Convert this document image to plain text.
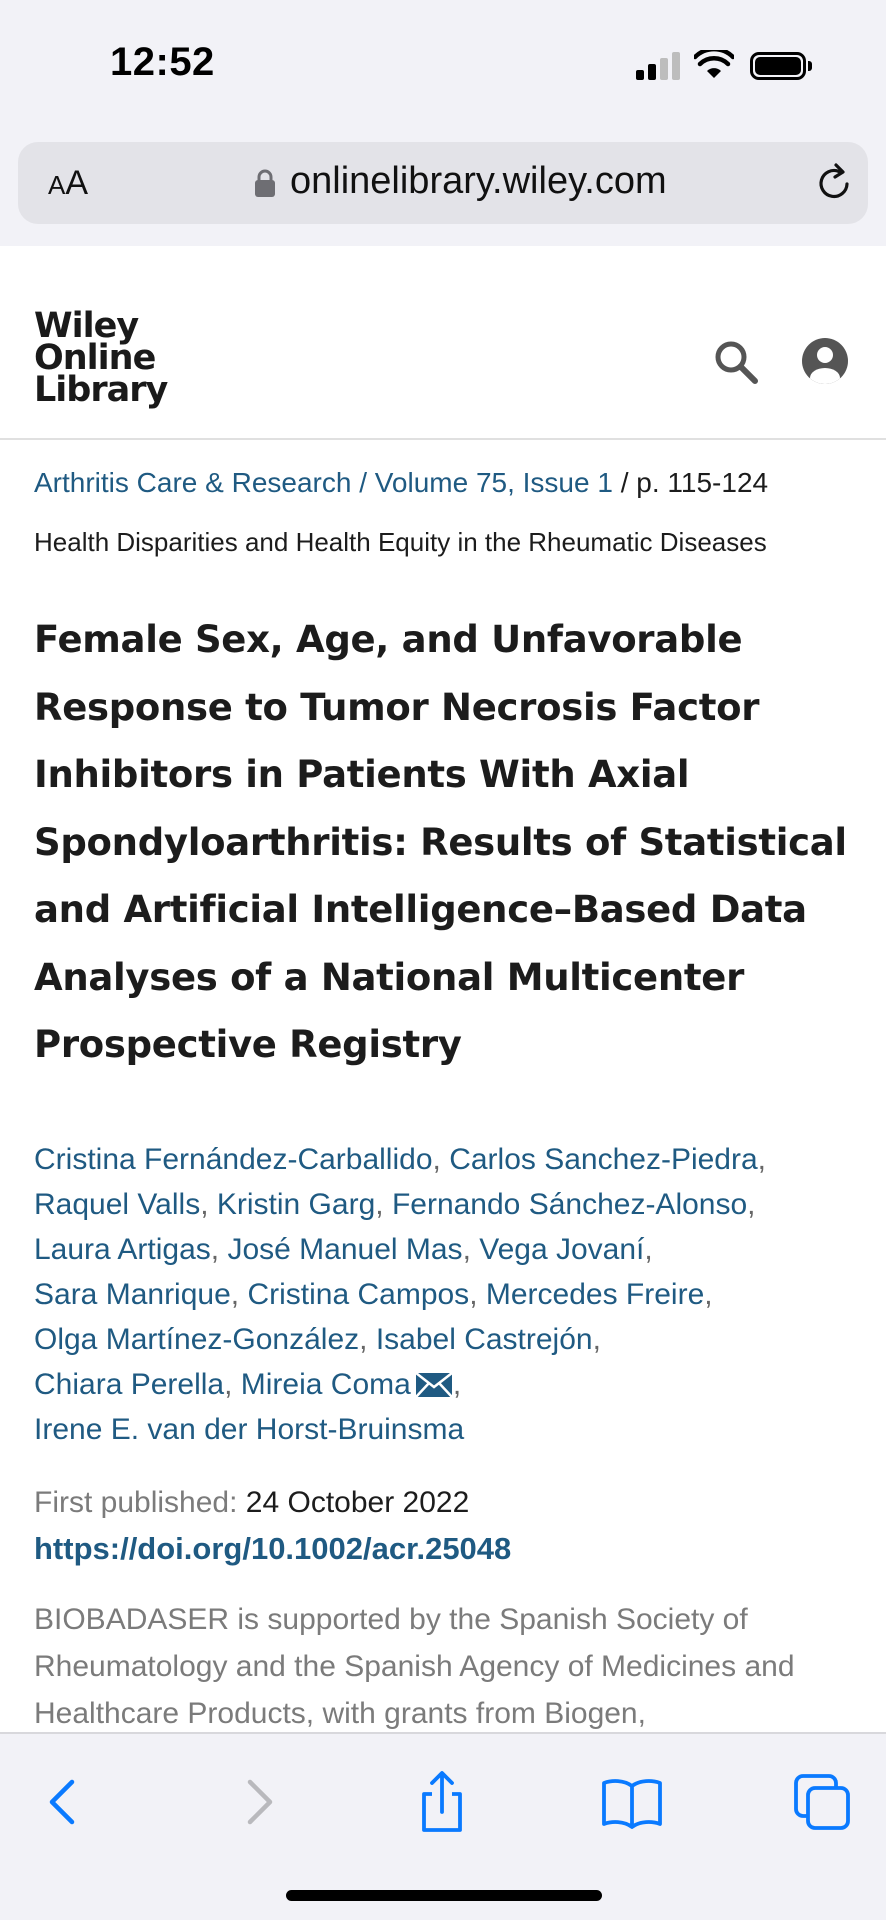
12:52
AA	onlinelibrary.wiley.com
Wiley
Online
Library
Arthritis Care & Research / Volume 75, Issue 1 / p. 115-124
Health Disparities and Health Equity in the Rheumatic Diseases
Female Sex, Age, and Unfavorable Response to Tumor Necrosis Factor Inhibitors in Patients With Axial Spondyloarthritis: Results of Statistical and Artificial Intelligence–Based Data Analyses of a National Multicenter Prospective Registry
Cristina Fernández-Carballido, Carlos Sanchez-Piedra,
Raquel Valls, Kristin Garg, Fernando Sánchez-Alonso,
Laura Artigas, José Manuel Mas, Vega Jovaní,
Sara Manrique, Cristina Campos, Mercedes Freire,
Olga Martínez-González, Isabel Castrejón,
Chiara Perella, Mireia Coma ,
Irene E. van der Horst-Bruinsma
First published: 24 October 2022
https://doi.org/10.1002/acr.25048

BIOBADASER is supported by the Spanish Society of Rheumatology and the Spanish Agency of Medicines and Healthcare Products, with grants from Biogen,
